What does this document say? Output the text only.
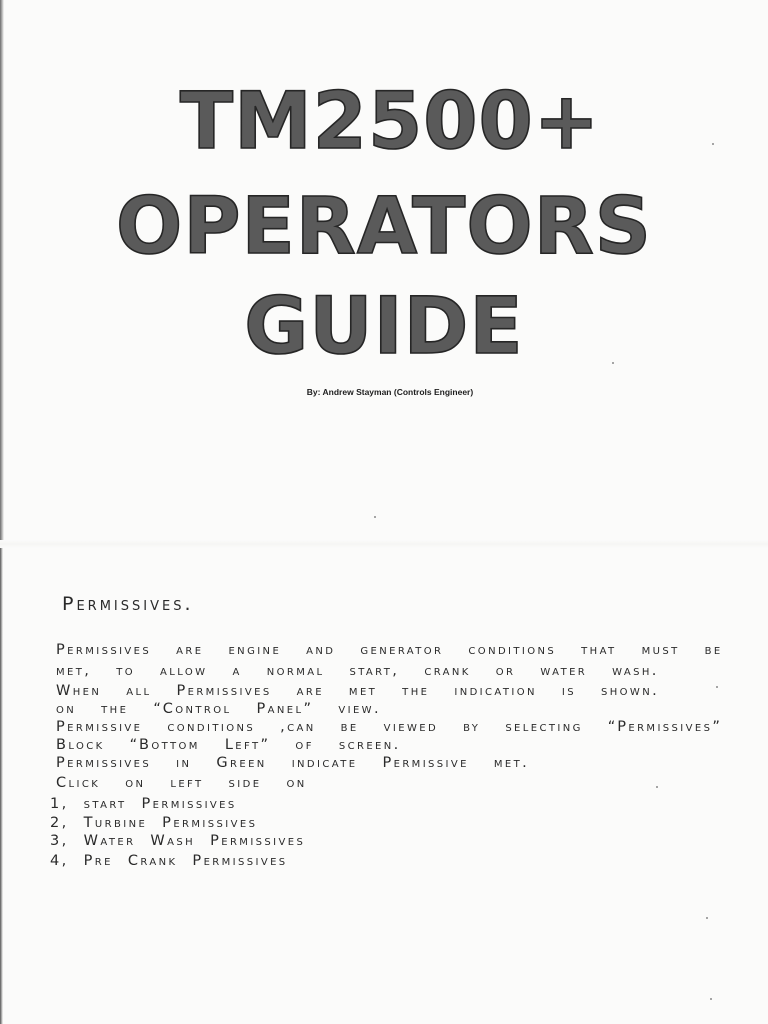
TM2500+
OPERATORS
GUIDE
By: Andrew Stayman (Controls Engineer)
Permissives.
Permissives are engine and generator conditions that must be
met, to allow a normal start, crank or water wash.
When all Permissives are met the indication is shown.
on the “Control Panel” view.
Permissive conditions ,can be viewed by selecting “Permissives”
Block “Bottom Left” of screen.
Permissives in Green indicate Permissive met.
Click on left side on
1, start Permissives
2, Turbine Permissives
3, Water Wash Permissives
4, Pre Crank Permissives
